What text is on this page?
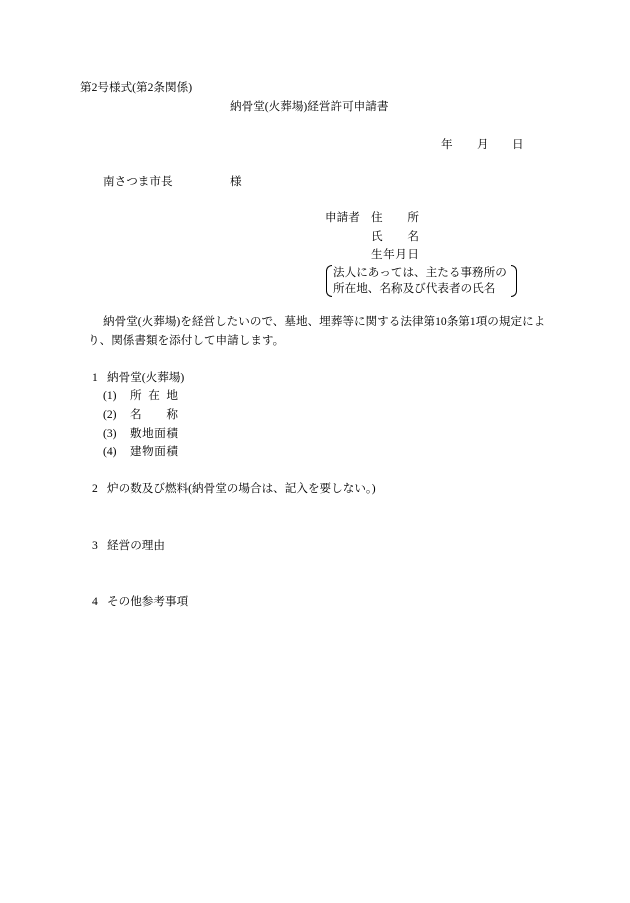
第2号様式(第2条関係)
納骨堂(火葬場)経営許可申請書
年 月 日
南さつま市長	様
申請者 住 所
氏 名
生 年 月 日
法人にあっては、主たる事務所の
所在地、名称及び代表者の氏名
納骨堂(火葬場)を経営したいので、墓地、埋葬等に関する法律第10条第1項の規定によ
り、関係書類を添付して申請します。
1 納骨堂(火葬場)
(1)	所 在 地
(2)	名 称
(3)	敷 地 面 積
(4)	建 物 面 積
2 炉の数及び燃料(納骨堂の場合は、記入を要しない。)
3 経営の理由
4 その他参考事項
